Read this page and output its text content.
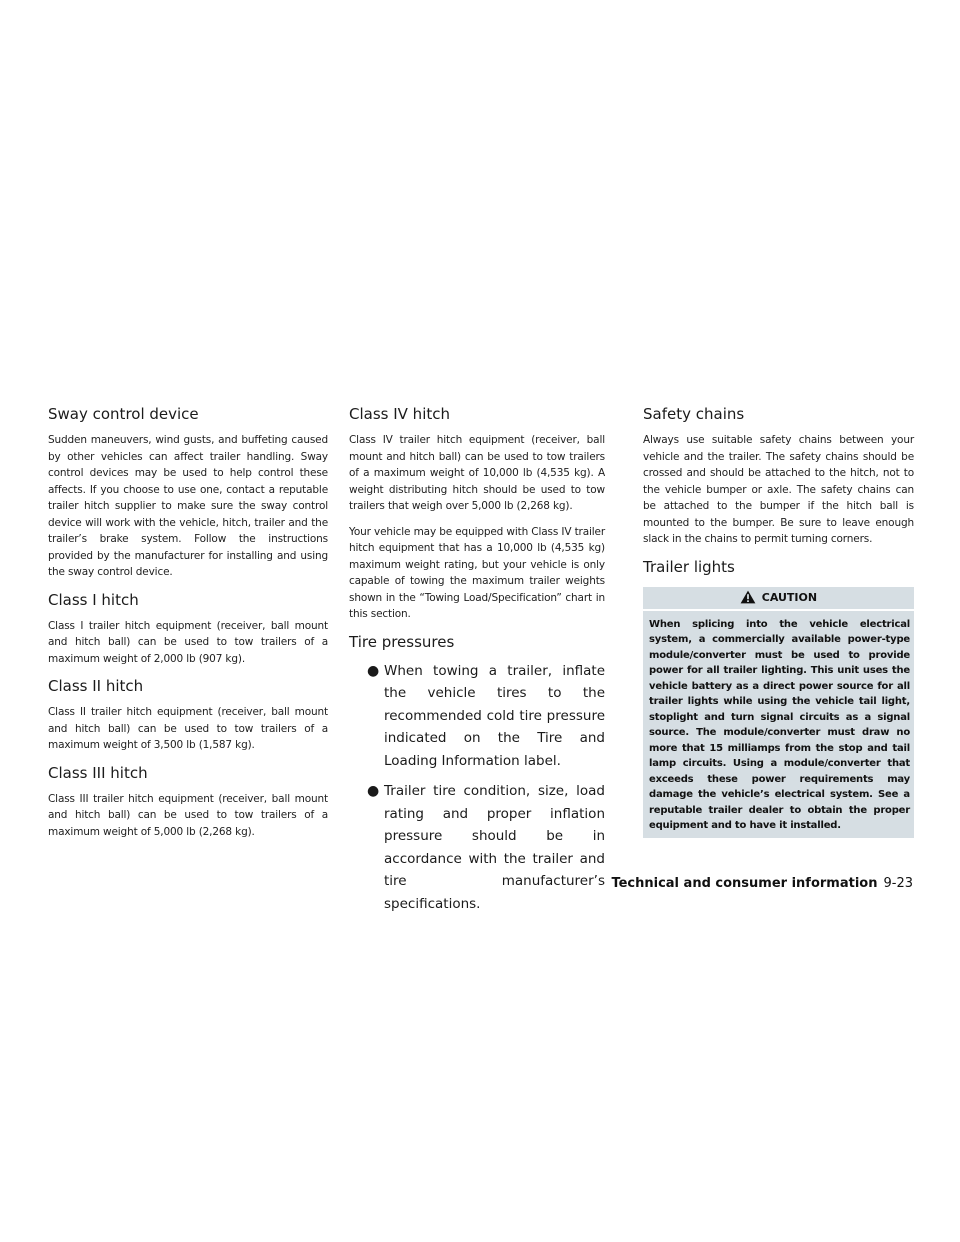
Sway control device

Sudden maneuvers, wind gusts, and buffeting caused by other vehicles can affect trailer handling. Sway control devices may be used to help control these affects. If you choose to use one, contact a reputable trailer hitch supplier to make sure the sway control device will work with the vehicle, hitch, trailer and the trailer’s brake system. Follow the instructions provided by the manufacturer for installing and using the sway control device.

Class I hitch

Class I trailer hitch equipment (receiver, ball mount and hitch ball) can be used to tow trailers of a maximum weight of 2,000 lb (907 kg).

Class II hitch

Class II trailer hitch equipment (receiver, ball mount and hitch ball) can be used to tow trailers of a maximum weight of 3,500 lb (1,587 kg).

Class III hitch

Class III trailer hitch equipment (receiver, ball mount and hitch ball) can be used to tow trailers of a maximum weight of 5,000 lb (2,268 kg).

Class IV hitch

Class IV trailer hitch equipment (receiver, ball mount and hitch ball) can be used to tow trailers of a maximum weight of 10,000 lb (4,535 kg). A weight distributing hitch should be used to tow trailers that weigh over 5,000 lb (2,268 kg).

Your vehicle may be equipped with Class IV trailer hitch equipment that has a 10,000 lb (4,535 kg) maximum weight rating, but your vehicle is only capable of towing the maximum trailer weights shown in the “Towing Load/Specification” chart in this section.

Tire pressures
● When towing a trailer, inflate the vehicle tires to the recommended cold tire pressure indicated on the Tire and Loading Information label.
● Trailer tire condition, size, load rating and proper inflation pressure should be in accordance with the trailer and tire manufacturer’s specifications.
Safety chains

Always use suitable safety chains between your vehicle and the trailer. The safety chains should be crossed and should be attached to the hitch, not to the vehicle bumper or axle. The safety chains can be attached to the bumper if the hitch ball is mounted to the bumper. Be sure to leave enough slack in the chains to permit turning corners.

Trailer lights
CAUTION
When splicing into the vehicle electrical system, a commercially available power-type module/converter must be used to provide power for all trailer lighting. This unit uses the vehicle battery as a direct power source for all trailer lights while using the vehicle tail light, stoplight and turn signal circuits as a signal source. The module/converter must draw no more that 15 milliamps from the stop and tail lamp circuits. Using a module/converter that exceeds these power requirements may damage the vehicle’s electrical system. See a reputable trailer dealer to obtain the proper equipment and to have it installed.
Technical and consumer information 9-23
